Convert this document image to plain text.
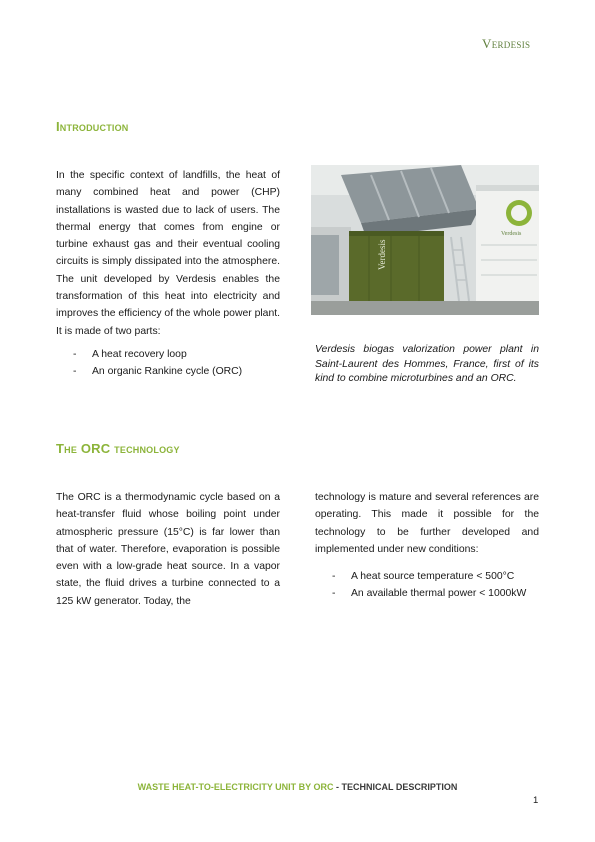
Verdesis
Introduction

In the specific context of landfills, the heat of many combined heat and power (CHP) installations is wasted due to lack of users. The thermal energy that comes from engine or turbine exhaust gas and their eventual cooling circuits is simply dissipated into the atmosphere. The unit developed by Verdesis enables the transformation of this heat into electricity and improves the efficiency of the whole power plant. It is made of two parts:

- A heat recovery loop
- An organic Rankine cycle (ORC)
Verdesis
Verdesis

Verdesis biogas valorization power plant in Saint-Laurent des Hommes, France, first of its kind to combine microturbines and an ORC.

The ORC technology

The ORC is a thermodynamic cycle based on a heat-transfer fluid whose boiling point under atmospheric pressure (15°C) is far lower than that of water. Therefore, evaporation is possible even with a low-grade heat source. In a vapor state, the fluid drives a turbine connected to a 125 kW generator. Today, the

technology is mature and several references are operating. This made it possible for the technology to be further developed and implemented under new conditions:

- A heat source temperature < 500°C
- An available thermal power < 1000kW
WASTE HEAT-TO-ELECTRICITY UNIT BY ORC - TECHNICAL DESCRIPTION
1
